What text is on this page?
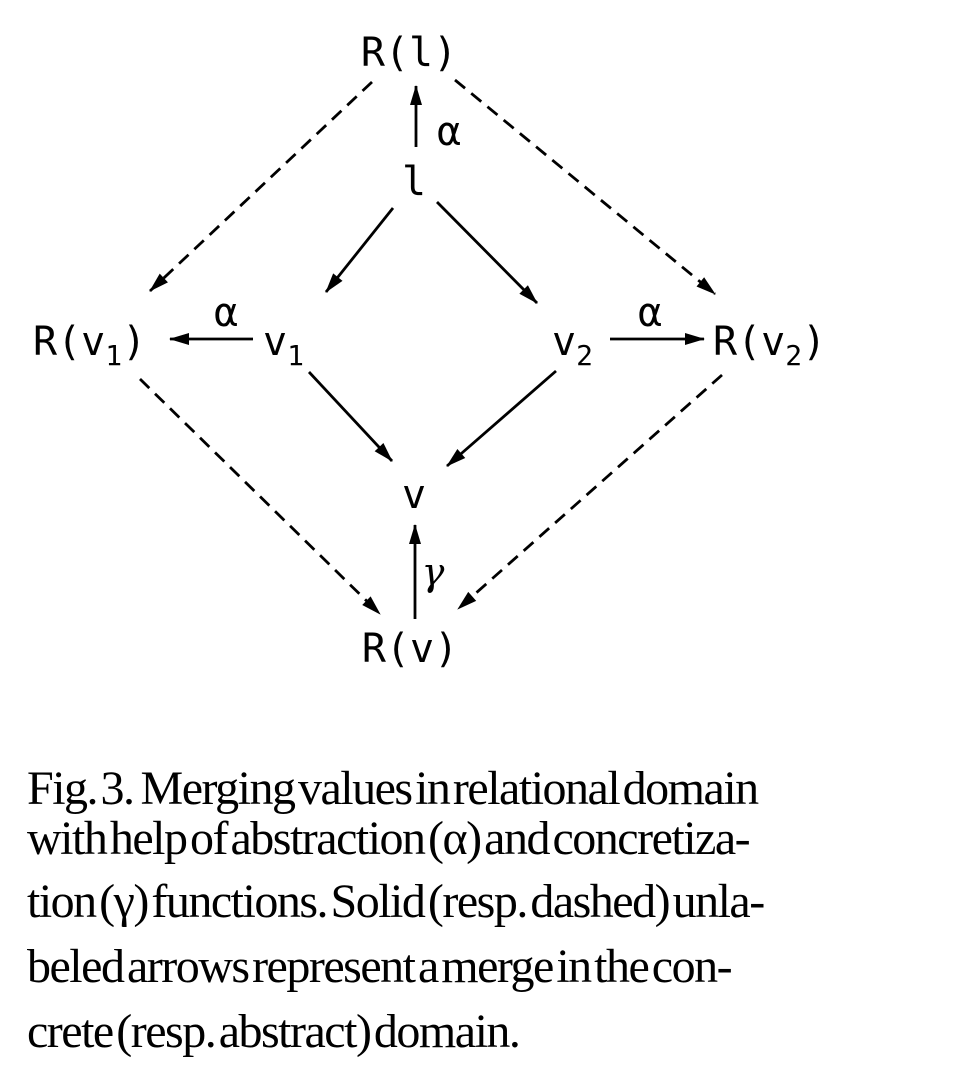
R(l)
l
$R(v_1)$	$v_1$	$v_2$	$R(v_2)$
v
R(v)
α
α	α
γ
Fig. 3.  Merging values in relational domain
with help of abstraction (α) and concretiza-
tion (γ) functions. Solid (resp. dashed) unla-
beled arrows represent a merge in the con-
crete (resp. abstract) domain.
